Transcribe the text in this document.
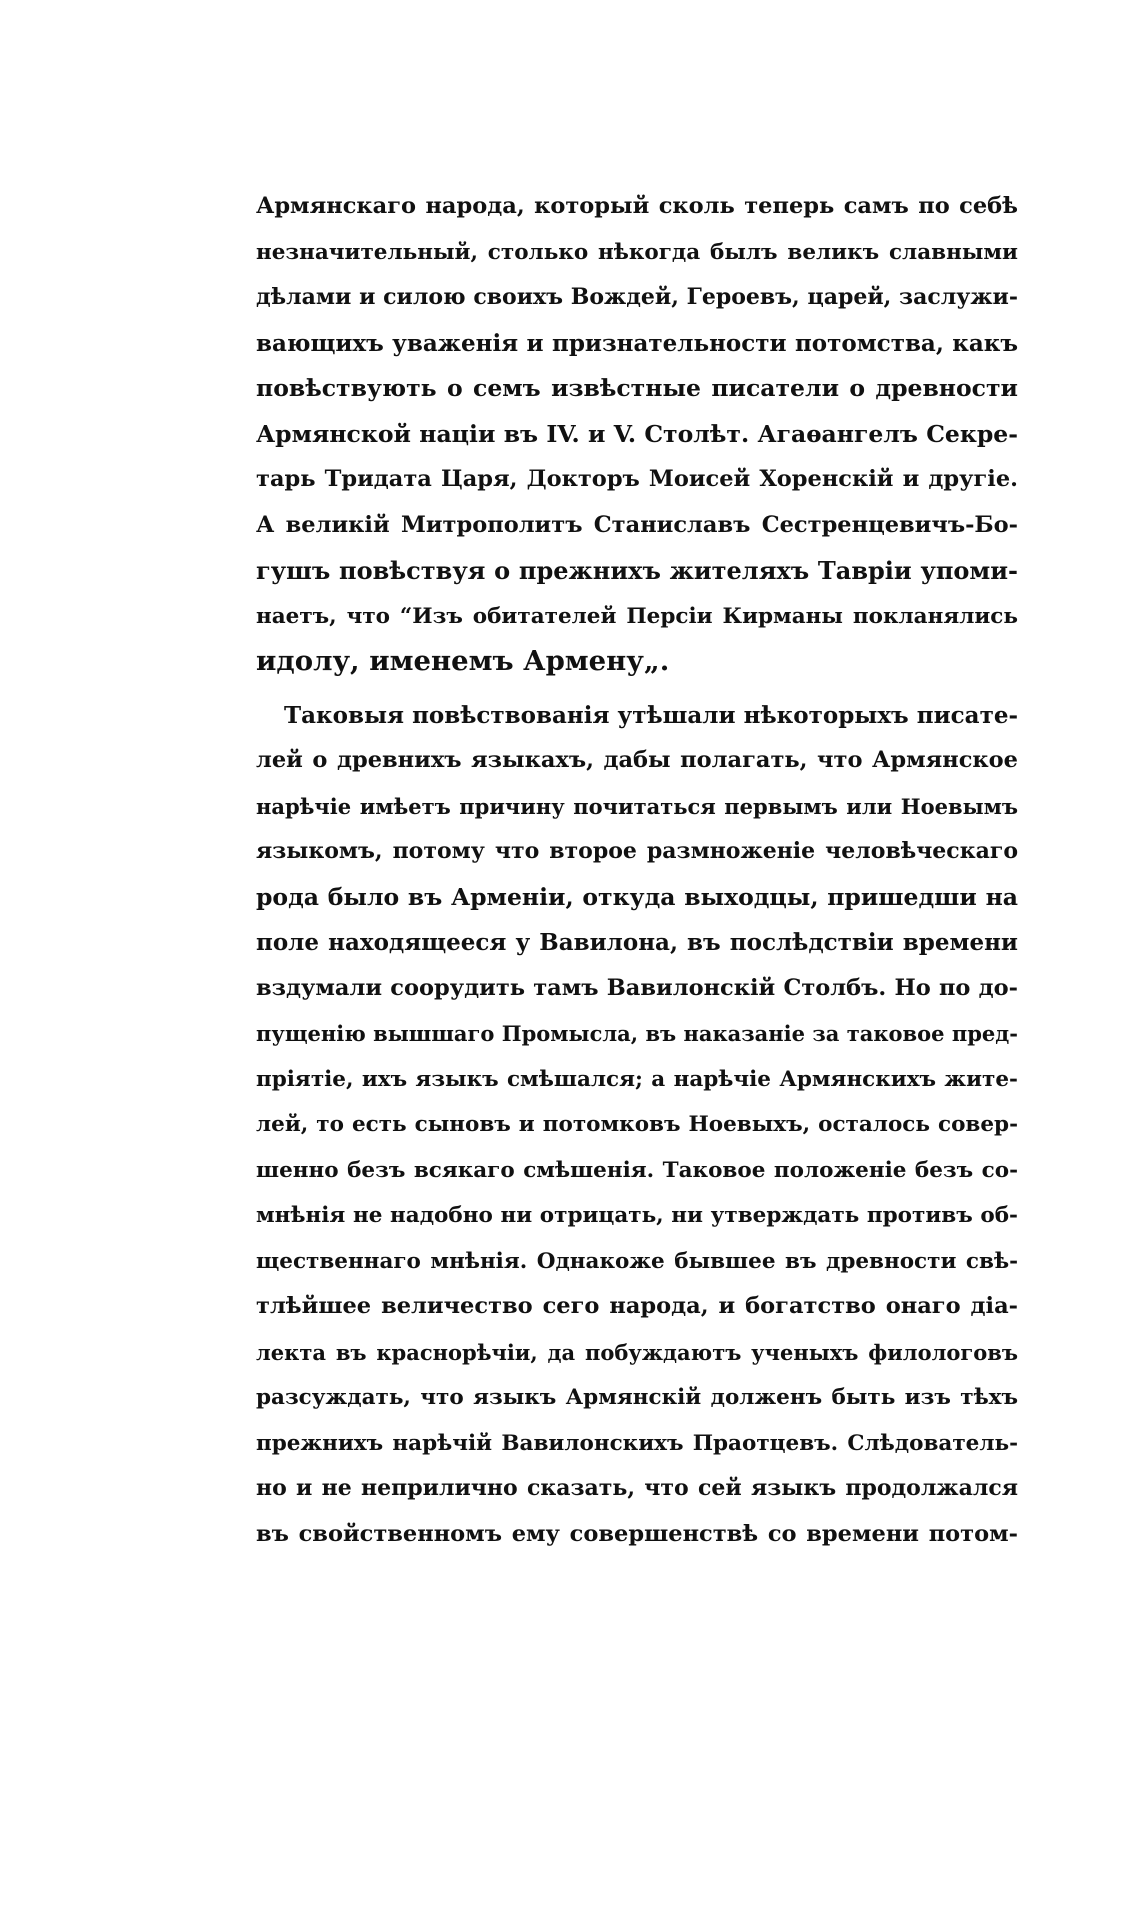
Армянскаго народа, который сколь теперь самъ по себѣ
незначительный, столько нѣкогда былъ великъ славными
дѣлами и силою своихъ Вождей, Героевъ, царей, заслужи-
вающихъ уваженія и признательности потомства, какъ
повѣствують о семъ извѣстные писатели о древности
Армянской націи въ IV. и V. Столѣт. Агаѳангелъ Секре-
тарь Тридата Царя, Докторъ Моисей Хоренскій и другіе.
А великій Митрополитъ Станиславъ Сестренцевичъ-Бо-
гушъ повѣствуя о прежнихъ жителяхъ Тавріи упоми-
наетъ, что “Изъ обитателей Персіи Кирманы покланялись
идолу, именемъ Армену„.
Таковыя повѣствованія утѣшали нѣкоторыхъ писате-
лей о древнихъ языкахъ, дабы полагать, что Армянское
нарѣчіе имѣетъ причину почитаться первымъ или Ноевымъ
языкомъ, потому что второе размноженіе человѣческаго
рода было въ Арменіи, откуда выходцы, пришедши на
поле находящееся у Вавилона, въ послѣдствіи времени
вздумали соорудить тамъ Вавилонскій Столбъ. Но по до-
пущенію вышшаго Промысла, въ наказаніе за таковое пред-
пріятіе, ихъ языкъ смѣшался; а нарѣчіе Армянскихъ жите-
лей, то есть сыновъ и потомковъ Ноевыхъ, осталось совер-
шенно безъ всякаго смѣшенія. Таковое положеніе безъ со-
мнѣнія не надобно ни отрицать, ни утверждать противъ об-
щественнаго мнѣнія. Однакоже бывшее въ древности свѣ-
тлѣйшее величество сего народа, и богатство онаго діа-
лекта въ краснорѣчіи, да побуждаютъ ученыхъ филологовъ
разсуждать, что языкъ Армянскій долженъ быть изъ тѣхъ
прежнихъ нарѣчій Вавилонскихъ Праотцевъ. Слѣдователь-
но и не неприлично сказать, что сей языкъ продолжался
въ свойственномъ ему совершенствѣ со времени потом-
